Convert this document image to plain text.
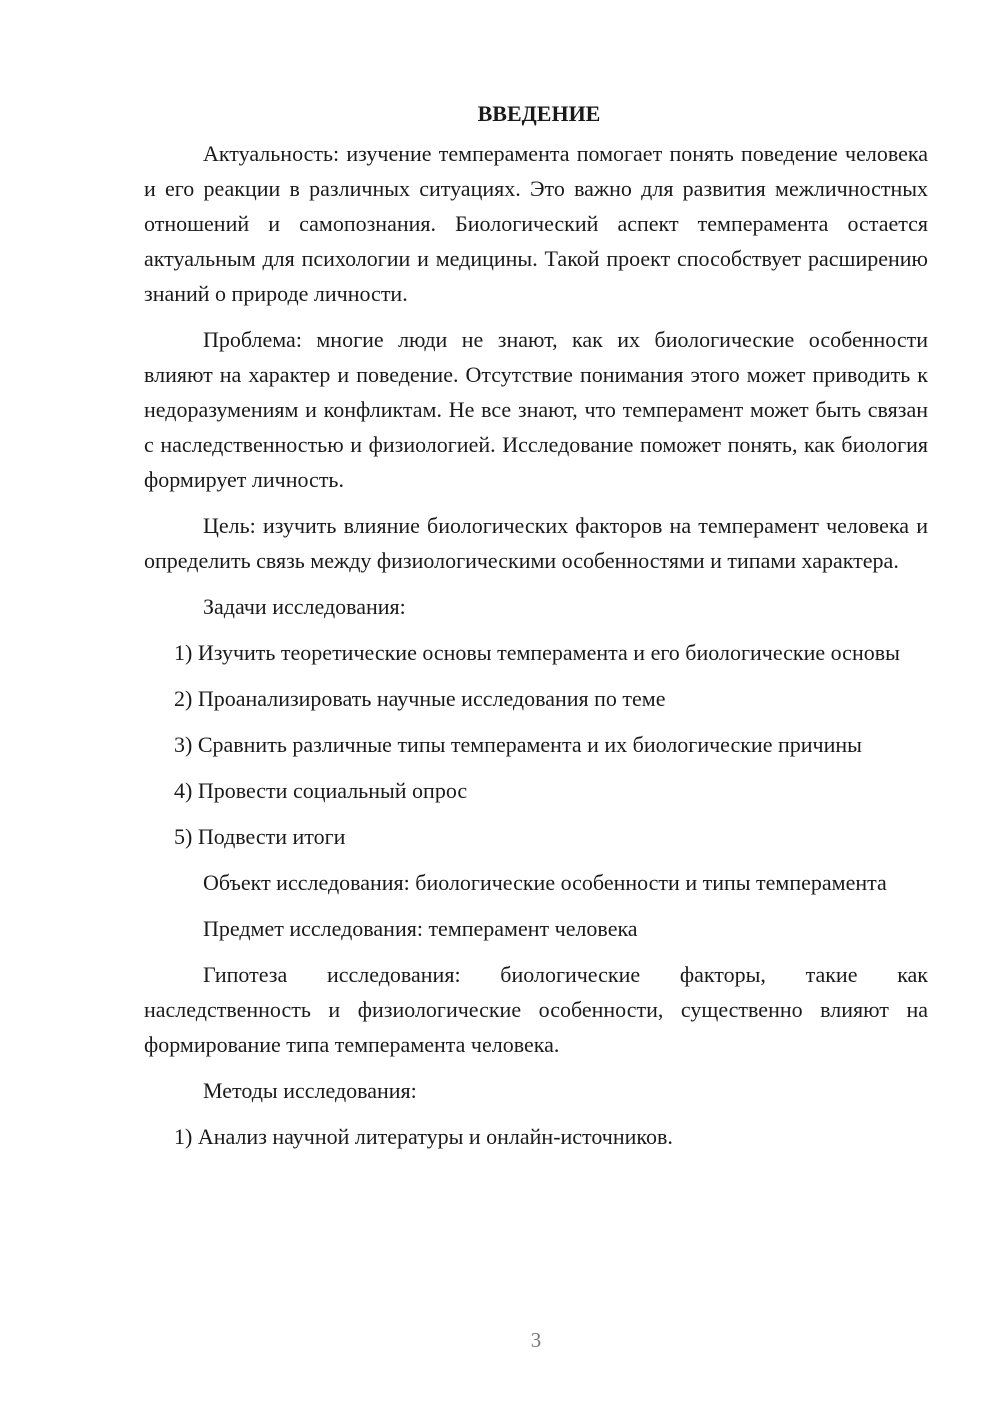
ВВЕДЕНИЕ
Актуальность: изучение темперамента помогает понять поведение человека и его реакции в различных ситуациях. Это важно для развития межличностных отношений и самопознания. Биологический аспект темперамента остается актуальным для психологии и медицины. Такой проект способствует расширению знаний о природе личности.
Проблема: многие люди не знают, как их биологические особенности влияют на характер и поведение. Отсутствие понимания этого может приводить к недоразумениям и конфликтам. Не все знают, что темперамент может быть связан с наследственностью и физиологией. Исследование поможет понять, как биология формирует личность.
Цель: изучить влияние биологических факторов на темперамент человека и определить связь между физиологическими особенностями и типами характера.
Задачи исследования:
1) Изучить теоретические основы темперамента и его биологические основы
2) Проанализировать научные исследования по теме
3) Сравнить различные типы темперамента и их биологические причины
4) Провести социальный опрос
5) Подвести итоги
Объект исследования: биологические особенности и типы темперамента
Предмет исследования: темперамент человека
Гипотеза исследования: биологические факторы, такие как наследственность и физиологические особенности, существенно влияют на формирование типа темперамента человека.
Методы исследования:
1) Анализ научной литературы и онлайн-источников.
3
